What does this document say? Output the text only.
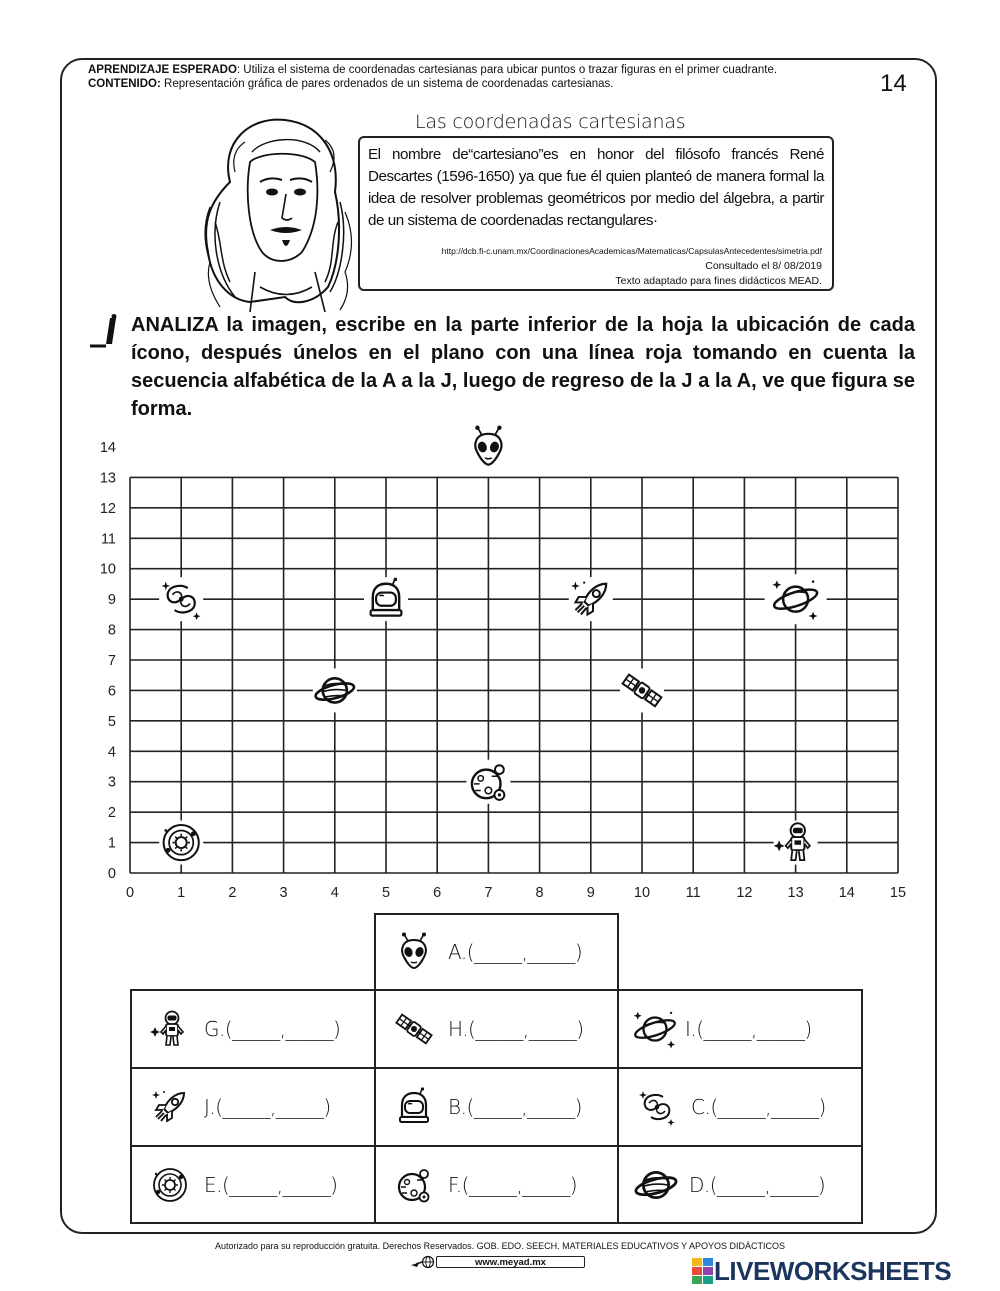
APRENDIZAJE ESPERADO: Utiliza el sistema de coordenadas cartesianas para ubicar puntos o trazar figuras en el primer cuadrante.
CONTENIDO: Representación gráfica de pares ordenados de un sistema de coordenadas cartesianas.	14
Las coordenadas cartesianas
El nombre de“cartesiano”es en honor del filósofo francés René Descartes (1596-1650) ya que fue él quien planteó de manera formal la idea de resolver problemas geométricos por medio del álgebra, a partir de un sistema de coordenadas rectangulares·
http://dcb.fi-c.unam.mx/CoordinacionesAcademicas/Matematicas/CapsulasAntecedentes/simetria.pdf
Consultado el 8/ 08/2019
Texto adaptado para fines didácticos MEAD.
ANALIZA la imagen, escribe en la parte inferior de la hoja la ubicación de cada ícono, después únelos en el plano con una línea roja tomando en cuenta la secuencia alfabética de la A a la J, luego de regreso de la J a la A, ve que figura se forma.
0	1	2	3	4	5	6	7	8	9	10 11 12 13 14 15
0
1
2
3
4
5
6
7
8
9
10
11
12
13
14
A.(_____,_____)
G.(_____,_____)	H.(_____,_____)	I.(_____,_____)
J.(_____,_____)	B.(_____,_____)	C.(_____,_____)
E.(_____,_____)	F.(_____,_____)	D.(_____,_____)
Autorizado para su reproducción gratuita. Derechos Reservados. GOB. EDO. SEECH. MATERIALES EDUCATIVOS Y APOYOS DIDÁCTICOS
www.meyad.mx	LIVEWORKSHEETS
